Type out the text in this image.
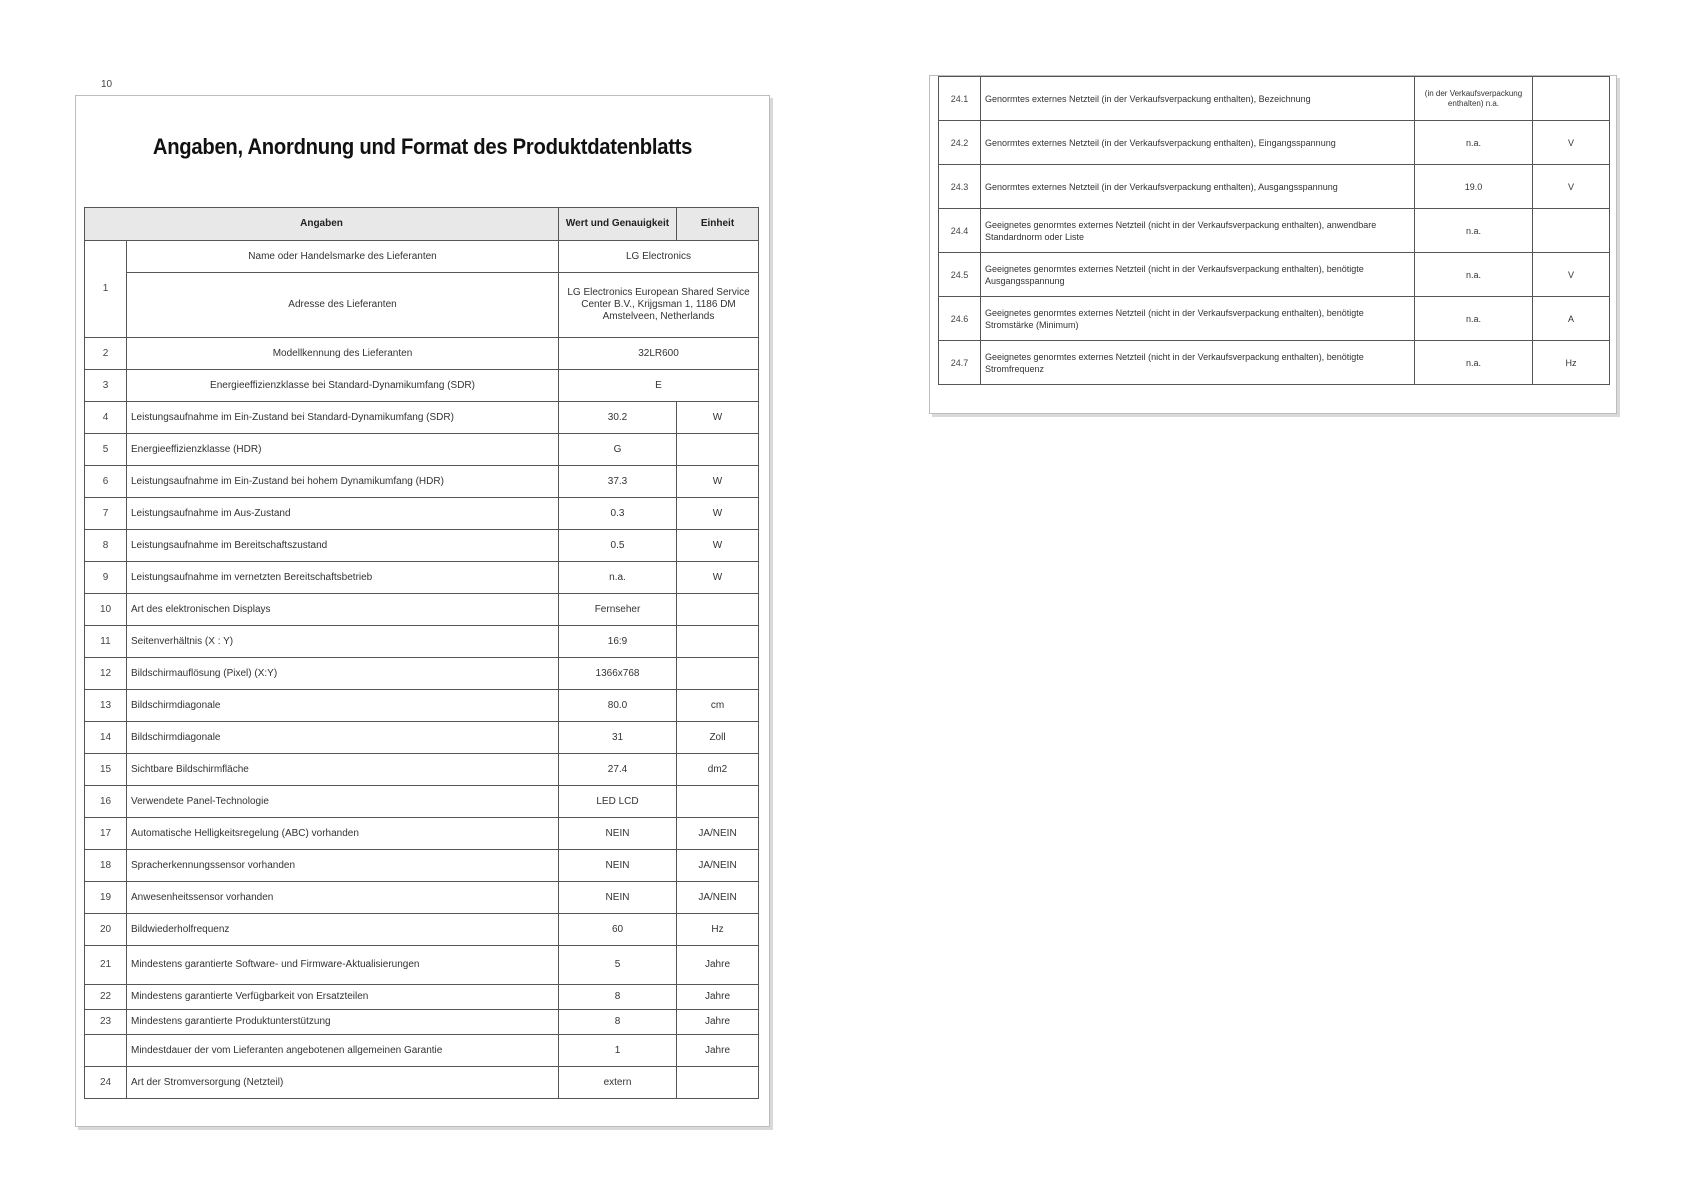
10
Angaben, Anordnung und Format des Produktdatenblatts
Angaben		Wert und Genauigkeit	Einheit
1	Name oder Handelsmarke des Lieferanten	LG Electronics	
	Adresse des Lieferanten	LG Electronics European Shared Service Center B.V., Krijgsman 1, 1186 DM Amstelveen, Netherlands	
2	Modellkennung des Lieferanten	32LR600	
3	Energieeffizienzklasse bei Standard-Dynamikumfang (SDR)	E	
4	Leistungsaufnahme im Ein-Zustand bei Standard-Dynamikumfang (SDR)	30.2	W
5	Energieeffizienzklasse (HDR)	G	
6	Leistungsaufnahme im Ein-Zustand bei hohem Dynamikumfang (HDR)	37.3	W
7	Leistungsaufnahme im Aus-Zustand	0.3	W
8	Leistungsaufnahme im Bereitschaftszustand	0.5	W
9	Leistungsaufnahme im vernetzten Bereitschaftsbetrieb	n.a.	W
10	Art des elektronischen Displays	Fernseher	
11	Seitenverhältnis (X : Y)	16:9	
12	Bildschirmauflösung (Pixel) (X:Y)	1366x768	
13	Bildschirmdiagonale	80.0	cm
14	Bildschirmdiagonale	31	Zoll
15	Sichtbare Bildschirmfläche	27.4	dm2
16	Verwendete Panel-Technologie	LED LCD	
17	Automatische Helligkeitsregelung (ABC) vorhanden	NEIN	JA/NEIN
18	Spracherkennungssensor vorhanden	NEIN	JA/NEIN
19	Anwesenheitssensor vorhanden	NEIN	JA/NEIN
20	Bildwiederholfrequenz	60	Hz
21	Mindestens garantierte Software- und Firmware-Aktualisierungen	5	Jahre
22	Mindestens garantierte Verfügbarkeit von Ersatzteilen	8	Jahre
23	Mindestens garantierte Produktunterstützung	8	Jahre
	Mindestdauer der vom Lieferanten angebotenen allgemeinen Garantie	1	Jahre
24	Art der Stromversorgung (Netzteil)	extern	
24.1	Genormtes externes Netzteil (in der Verkaufsverpackung enthalten), Bezeichnung	(in der Verkaufsverpackung enthalten) n.a.	
24.2	Genormtes externes Netzteil (in der Verkaufsverpackung enthalten), Eingangsspannung	n.a.	V
24.3	Genormtes externes Netzteil (in der Verkaufsverpackung enthalten), Ausgangsspannung	19.0	V
24.4	Geeignetes genormtes externes Netzteil (nicht in der Verkaufsverpackung enthalten), anwendbare Standardnorm oder Liste	n.a.	
24.5	Geeignetes genormtes externes Netzteil (nicht in der Verkaufsverpackung enthalten), benötigte Ausgangsspannung	n.a.	V
24.6	Geeignetes genormtes externes Netzteil (nicht in der Verkaufsverpackung enthalten), benötigte Stromstärke (Minimum)	n.a.	A
24.7	Geeignetes genormtes externes Netzteil (nicht in der Verkaufsverpackung enthalten), benötigte Stromfrequenz	n.a.	Hz
